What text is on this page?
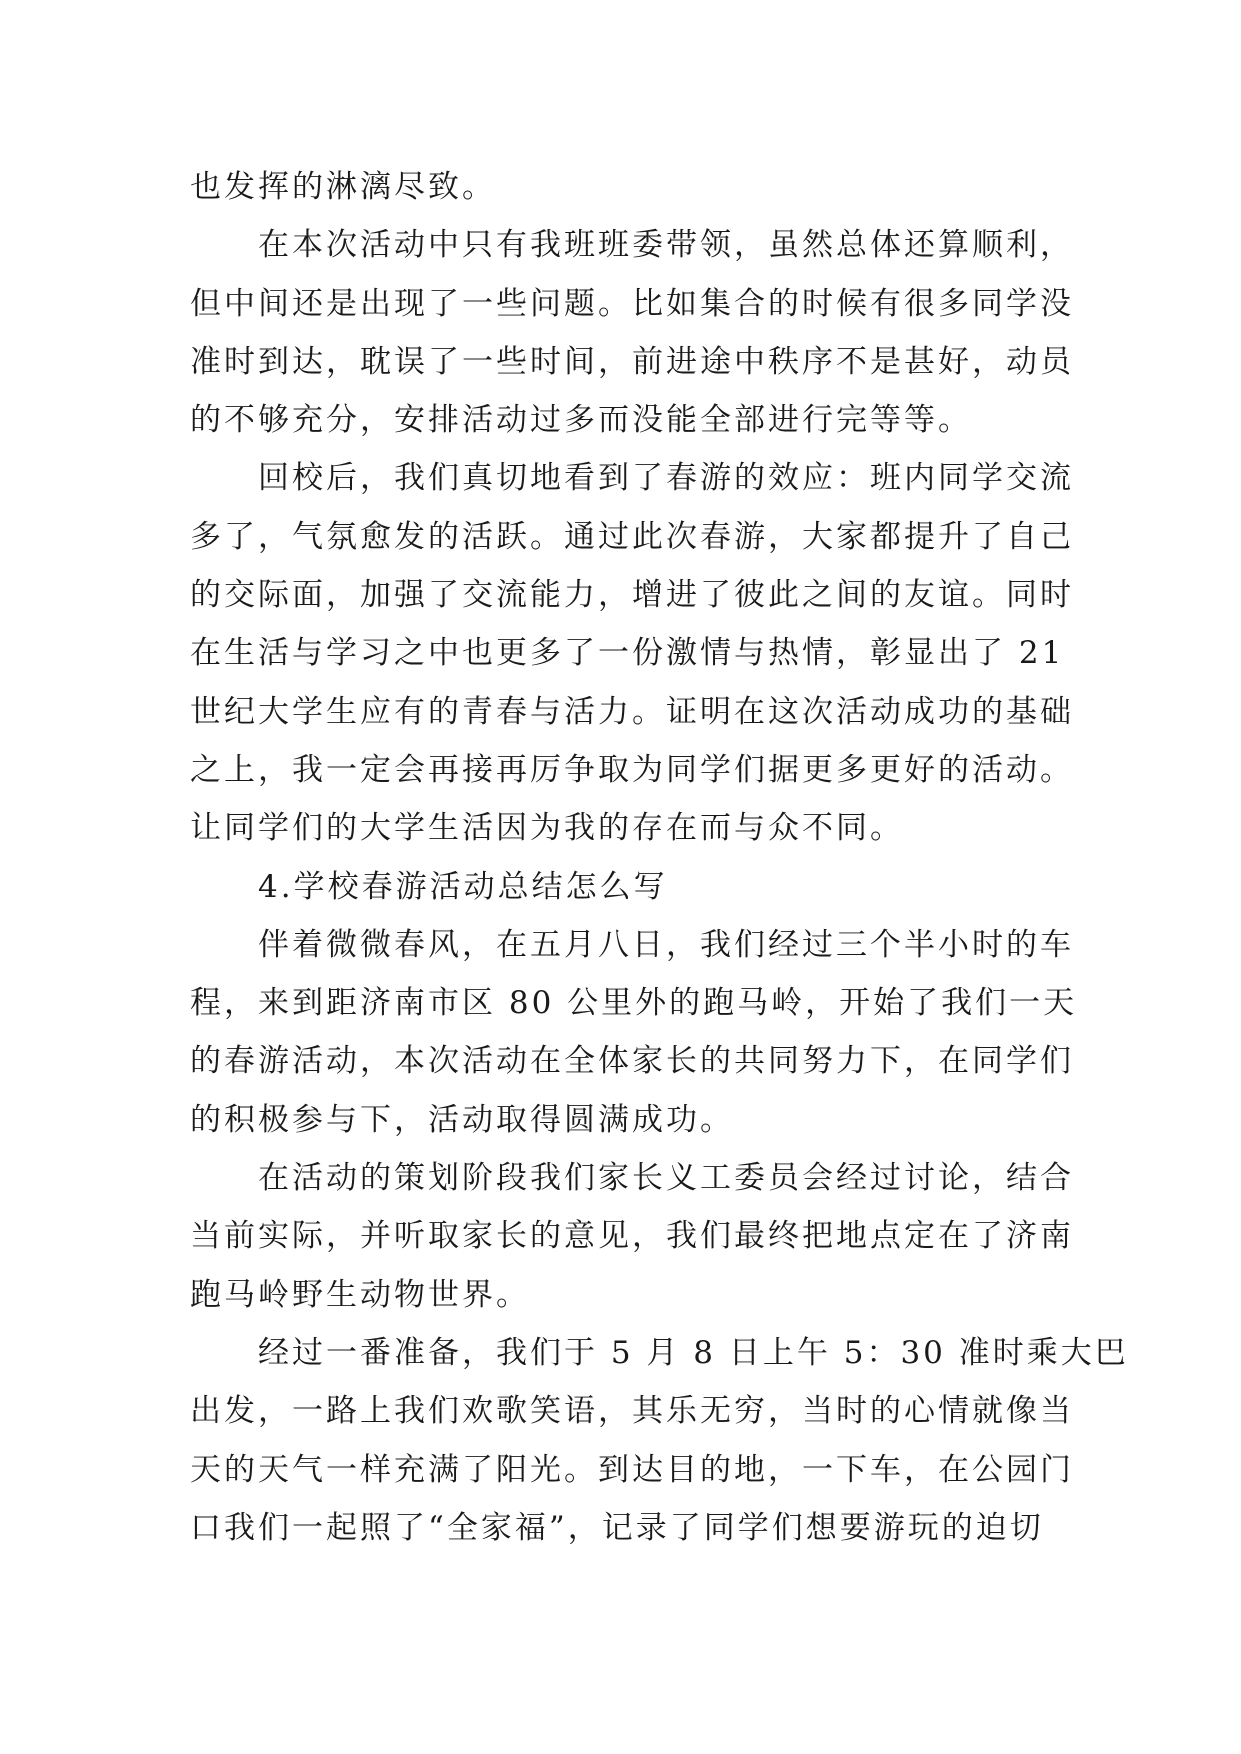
也发挥的淋漓尽致。
　　在本次活动中只有我班班委带领，虽然总体还算顺利，
但中间还是出现了一些问题。比如集合的时候有很多同学没
准时到达，耽误了一些时间，前进途中秩序不是甚好，动员
的不够充分，安排活动过多而没能全部进行完等等。
　　回校后，我们真切地看到了春游的效应：班内同学交流
多了，气氛愈发的活跃。通过此次春游，大家都提升了自己
的交际面，加强了交流能力，增进了彼此之间的友谊。同时
在生活与学习之中也更多了一份激情与热情，彰显出了 21
世纪大学生应有的青春与活力。证明在这次活动成功的基础
之上，我一定会再接再厉争取为同学们据更多更好的活动。
让同学们的大学生活因为我的存在而与众不同。
　　4.学校春游活动总结怎么写
　　伴着微微春风，在五月八日，我们经过三个半小时的车
程，来到距济南市区 80 公里外的跑马岭，开始了我们一天
的春游活动，本次活动在全体家长的共同努力下，在同学们
的积极参与下，活动取得圆满成功。
　　在活动的策划阶段我们家长义工委员会经过讨论，结合
当前实际，并听取家长的意见，我们最终把地点定在了济南
跑马岭野生动物世界。
　　经过一番准备，我们于 5 月 8 日上午 5：30 准时乘大巴
出发，一路上我们欢歌笑语，其乐无穷，当时的心情就像当
天的天气一样充满了阳光。到达目的地，一下车，在公园门
口我们一起照了“全家福”，记录了同学们想要游玩的迫切
